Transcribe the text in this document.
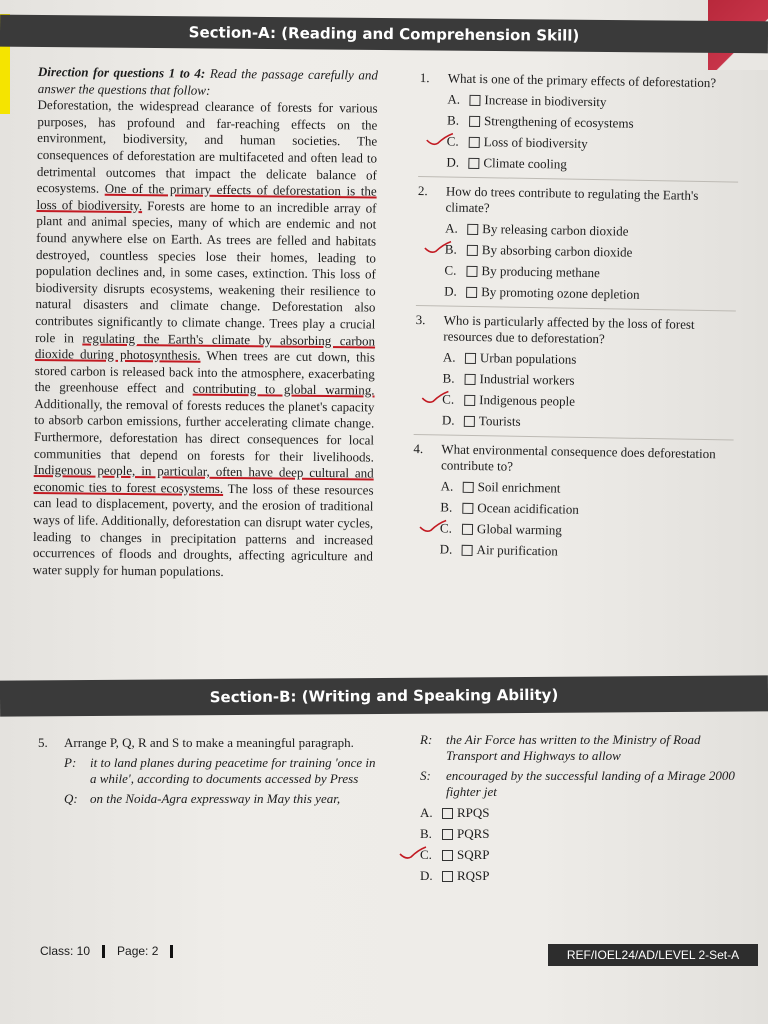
Section-A: (Reading and Comprehension Skill)

Direction for questions 1 to 4: Read the passage carefully and answer the questions that follow:

Deforestation, the widespread clearance of forests for various purposes, has profound and far-reaching effects on the environment, biodiversity, and human societies. The consequences of deforestation are multifaceted and often lead to detrimental outcomes that impact the delicate balance of ecosystems. One of the primary effects of deforestation is the loss of biodiversity. Forests are home to an incredible array of plant and animal species, many of which are endemic and not found anywhere else on Earth. As trees are felled and habitats destroyed, countless species lose their homes, leading to population declines and, in some cases, extinction. This loss of biodiversity disrupts ecosystems, weakening their resilience to natural disasters and climate change. Deforestation also contributes significantly to climate change. Trees play a crucial role in regulating the Earth's climate by absorbing carbon dioxide during photosynthesis. When trees are cut down, this stored carbon is released back into the atmosphere, exacerbating the greenhouse effect and contributing to global warming. Additionally, the removal of forests reduces the planet's capacity to absorb carbon emissions, further accelerating climate change. Furthermore, deforestation has direct consequences for local communities that depend on forests for their livelihoods. Indigenous people, in particular, often have deep cultural and economic ties to forest ecosystems. The loss of these resources can lead to displacement, poverty, and the erosion of traditional ways of life. Additionally, deforestation can disrupt water cycles, leading to changes in precipitation patterns and increased occurrences of floods and droughts, affecting agriculture and water supply for human populations.

1.	What is one of the primary effects of deforestation?
A.	Increase in biodiversity
B.	Strengthening of ecosystems
C.	Loss of biodiversity
D.	Climate cooling
2.	How do trees contribute to regulating the Earth's climate?
A.	By releasing carbon dioxide
B.	By absorbing carbon dioxide
C.	By producing methane
D.	By promoting ozone depletion
3.	Who is particularly affected by the loss of forest resources due to deforestation?
A.	Urban populations
B.	Industrial workers
C.	Indigenous people
D.	Tourists
4.	What environmental consequence does deforestation contribute to?
A.	Soil enrichment
B.	Ocean acidification
C.	Global warming
D.	Air purification
Section-B: (Writing and Speaking Ability)
5.	Arrange P, Q, R and S to make a meaningful paragraph.
P:	it to land planes during peacetime for training 'once in a while', according to documents accessed by Press
Q: on the Noida-Agra expressway in May this year,
R:	the Air Force has written to the Ministry of Road Transport and Highways to allow
S:	encouraged by the successful landing of a Mirage 2000 fighter jet
A.	RPQS
B.	PQRS
C.	SQRP
D.	RQSP
Class: 10 Page: 2	REF/IOEL24/AD/LEVEL 2-Set-A
